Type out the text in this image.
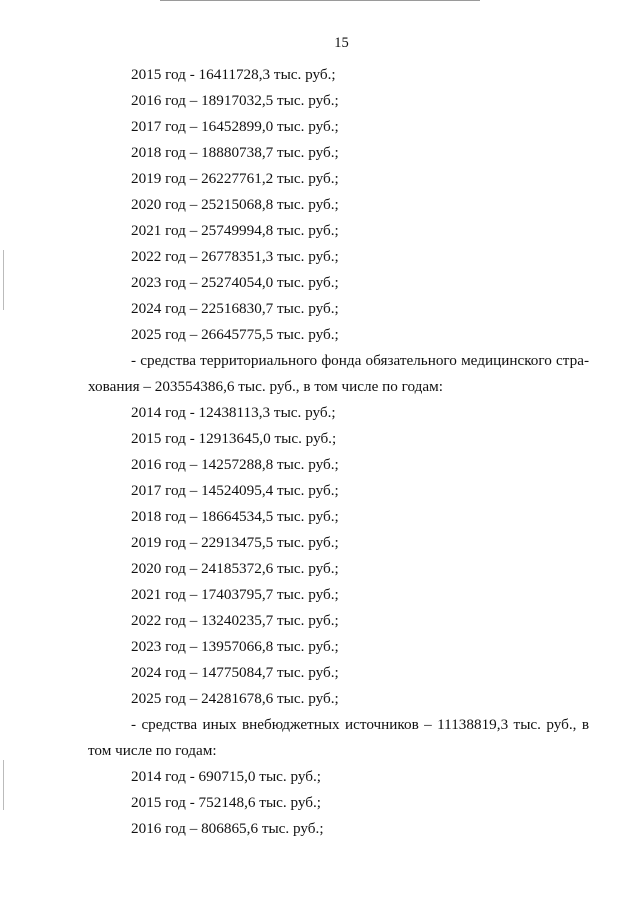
15
2015 год - 16411728,3 тыс. руб.;
2016 год – 18917032,5 тыс. руб.;
2017 год – 16452899,0 тыс. руб.;
2018 год – 18880738,7 тыс. руб.;
2019 год – 26227761,2 тыс. руб.;
2020 год – 25215068,8 тыс. руб.;
2021 год – 25749994,8 тыс. руб.;
2022 год – 26778351,3 тыс. руб.;
2023 год – 25274054,0 тыс. руб.;
2024 год – 22516830,7 тыс. руб.;
2025 год – 26645775,5 тыс. руб.;
- средства территориального фонда обязательного медицинского стра-
хования – 203554386,6 тыс. руб., в том числе по годам:
2014 год - 12438113,3 тыс. руб.;
2015 год - 12913645,0 тыс. руб.;
2016 год – 14257288,8 тыс. руб.;
2017 год – 14524095,4 тыс. руб.;
2018 год – 18664534,5 тыс. руб.;
2019 год – 22913475,5 тыс. руб.;
2020 год – 24185372,6 тыс. руб.;
2021 год – 17403795,7 тыс. руб.;
2022 год – 13240235,7 тыс. руб.;
2023 год – 13957066,8 тыс. руб.;
2024 год – 14775084,7 тыс. руб.;
2025 год – 24281678,6 тыс. руб.;
- средства иных внебюджетных источников – 11138819,3 тыс. руб., в
том числе по годам:
2014 год - 690715,0 тыс. руб.;
2015 год - 752148,6 тыс. руб.;
2016 год – 806865,6 тыс. руб.;
